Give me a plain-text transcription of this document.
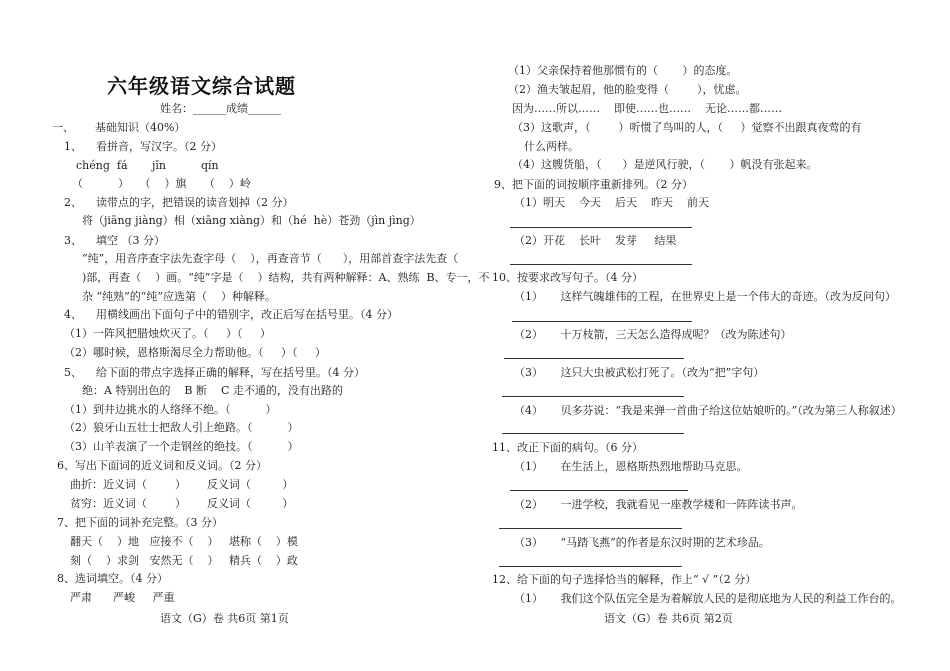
六年级语文综合试题
姓名：______成绩______
一、      基础知识（40%）
1、    看拼音，写汉字。（2 分）
chéng  fá       jǐn          qín
（          ）   （    ）旗     （    ）岭
2、    读带点的字，把错误的读音划掉（2 分）
将（jiāng jiàng）相（xiāng xiàng）和（hé  hè）苍劲（jìn jìng）
3、    填空 （3 分）
“纯”，用音序查字法先查字母（    ），再查音节（      ），用部首查字法先查（
)部，再查（    ）画。“纯”字是（    ）结构，共有两种解释：A、熟练  B、专一，不
杂 “纯熟”的“纯”应选第（    ）种解释。
4、    用横线画出下面句子中的错别字，改正后写在括号里。（4 分）
（1）一阵风把腊烛炊灭了。（     ）（     ）
（2）哪时候，恩格斯渴尽全力帮助他。（     ）（     ）
5、    给下面的带点字选择正确的解释，写在括号里。（4 分）
绝：A 特别出色的    B 断    C 走不通的，没有出路的
（1）到井边挑水的人络绎不绝。（          ）
（2）狼牙山五壮士把敌人引上绝路。（          ）
（3）山羊表演了一个走钢丝的绝技。（          ）
6、写出下面词的近义词和反义词。（2 分）
曲折：近义词（        ）      反义词（         ）
贫穷：近义词（        ）      反义词（         ）
7、把下面的词补充完整。（3 分）
翻天（    ）地   应接不（    ）   堪称（    ）模
刻（    ）求剑   安然无（    ）   精兵（    ）政
8、选词填空。（4 分）
严肃      严峻     严重
语文（G）卷 共6页 第1页
（1）父亲保持着他那惯有的（       ）的态度。
（2）渔夫皱起眉，他的脸变得（        ），忧虑。
因为……所以……    即使……也……    无论……都……
（3）这歌声，（        ）听惯了鸟叫的人，（     ）觉察不出跟真夜莺的有
什么两样。
（4）这艘货船，（      ）是逆风行驶，（       ）帆没有张起来。
9、把下面的词按顺序重新排列。（2 分）
（1）明天    今天    后天    昨天    前天
（2）开花    长叶    发芽     结果
10、按要求改写句子。（4 分）
（1）     这样气魄雄伟的工程，在世界史上是一个伟大的奇迹。（改为反问句）
（2）     十万枝箭，三天怎么造得成呢？（改为陈述句）
（3）     这只大虫被武松打死了。（改为“把”字句）
（4）     贝多芬说：“我是来弹一首曲子给这位姑娘听的。”（改为第三人称叙述）
11、改正下面的病句。（6 分）
（1）     在生活上，恩格斯热烈地帮助马克思。
（2）     一进学校，我就看见一座教学楼和一阵阵读书声。
（3）     “马踏飞燕”的作者是东汉时期的艺术珍品。
12、给下面的句子选择恰当的解释，作上“ √ ”（2 分）
（1）     我们这个队伍完全是为着解放人民的是彻底地为人民的利益工作台的。
语文（G）卷 共6页 第2页
